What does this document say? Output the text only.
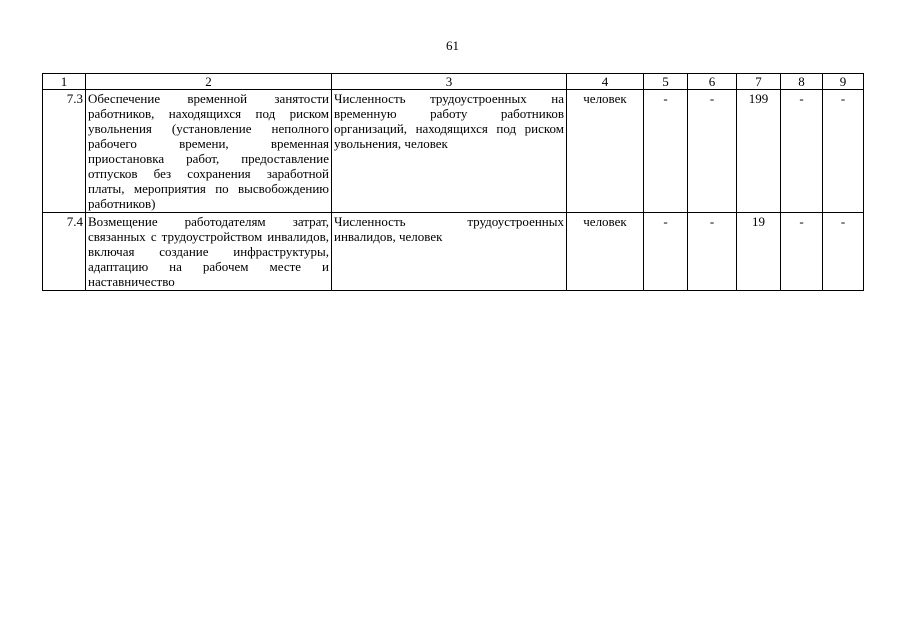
61
1	2	3	4	5	6	7	8	9
7.3	Обеспечение временной занятости работников, находящихся под риском увольнения (установление неполного рабочего времени, временная приостановка работ, предоставление отпусков без сохранения заработной платы, мероприятия по высвобождению работников)	Численность трудоустроенных на временную работу работников организаций, находящихся под риском увольнения, человек	человек	-	-	199	-	-
7.4	Возмещение работодателям затрат, связанных с трудоустройством инвалидов, включая создание инфраструктуры, адаптацию на рабочем месте и наставничество	Численность трудоустроенных инвалидов, человек	человек	-	-	19	-	-
